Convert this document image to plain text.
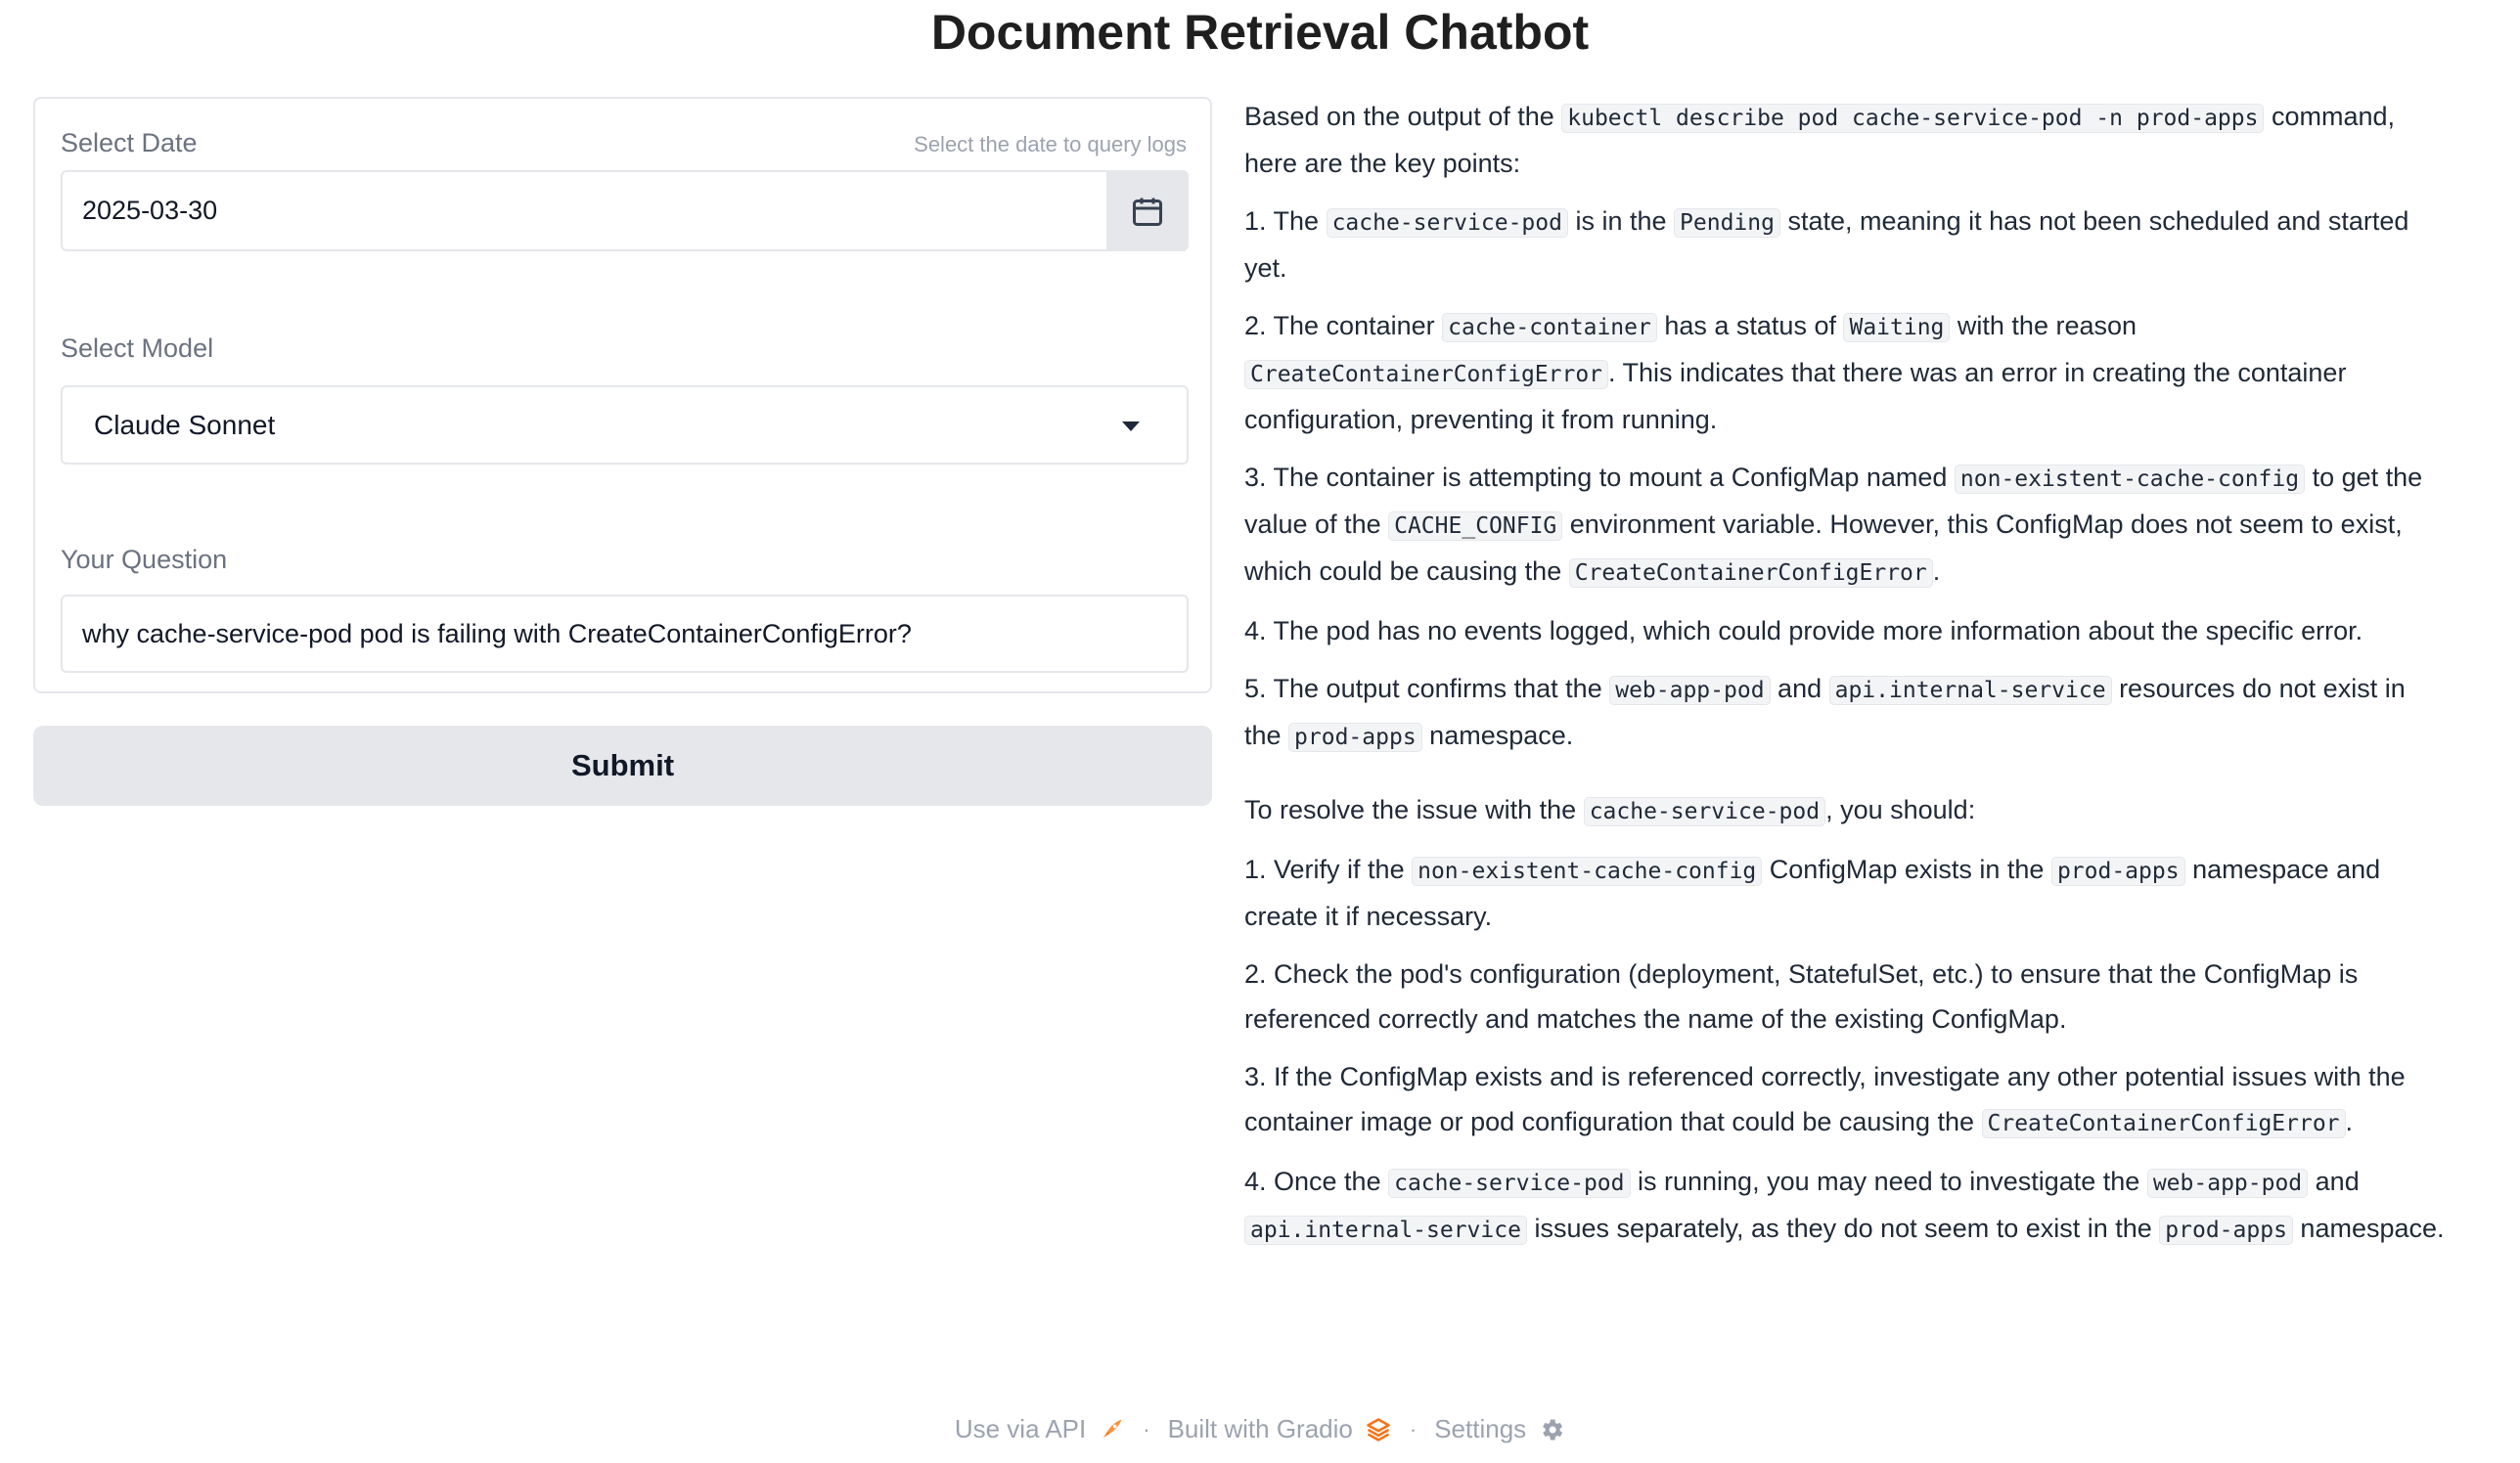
Document Retrieval Chatbot
Select Date	Select the date to query logs
2025-03-30
Select Model
Claude Sonnet
Your Question
why cache-service-pod pod is failing with CreateContainerConfigError?
Submit

Based on the output of the kubectl describe pod cache-service-pod -n prod-apps command, here are the key points:

1. The cache-service-pod is in the Pending state, meaning it has not been scheduled and started yet.

2. The container cache-container has a status of Waiting with the reason CreateContainerConfigError . This indicates that there was an error in creating the container configuration, preventing it from running.

3. The container is attempting to mount a ConfigMap named non-existent-cache-config to get the value of the CACHE_CONFIG environment variable. However, this ConfigMap does not seem to exist, which could be causing the CreateContainerConfigError .

4. The pod has no events logged, which could provide more information about the specific error.

5. The output confirms that the web-app-pod and api.internal-service resources do not exist in the prod-apps namespace.

To resolve the issue with the cache-service-pod , you should:

1. Verify if the non-existent-cache-config ConfigMap exists in the prod-apps namespace and create it if necessary.

2. Check the pod's configuration (deployment, StatefulSet, etc.) to ensure that the ConfigMap is referenced correctly and matches the name of the existing ConfigMap.

3. If the ConfigMap exists and is referenced correctly, investigate any other potential issues with the container image or pod configuration that could be causing the CreateContainerConfigError .

4. Once the cache-service-pod is running, you may need to investigate the web-app-pod and api.internal-service issues separately, as they do not seem to exist in the prod-apps namespace.

Use via API	· Built with Gradio	· Settings
